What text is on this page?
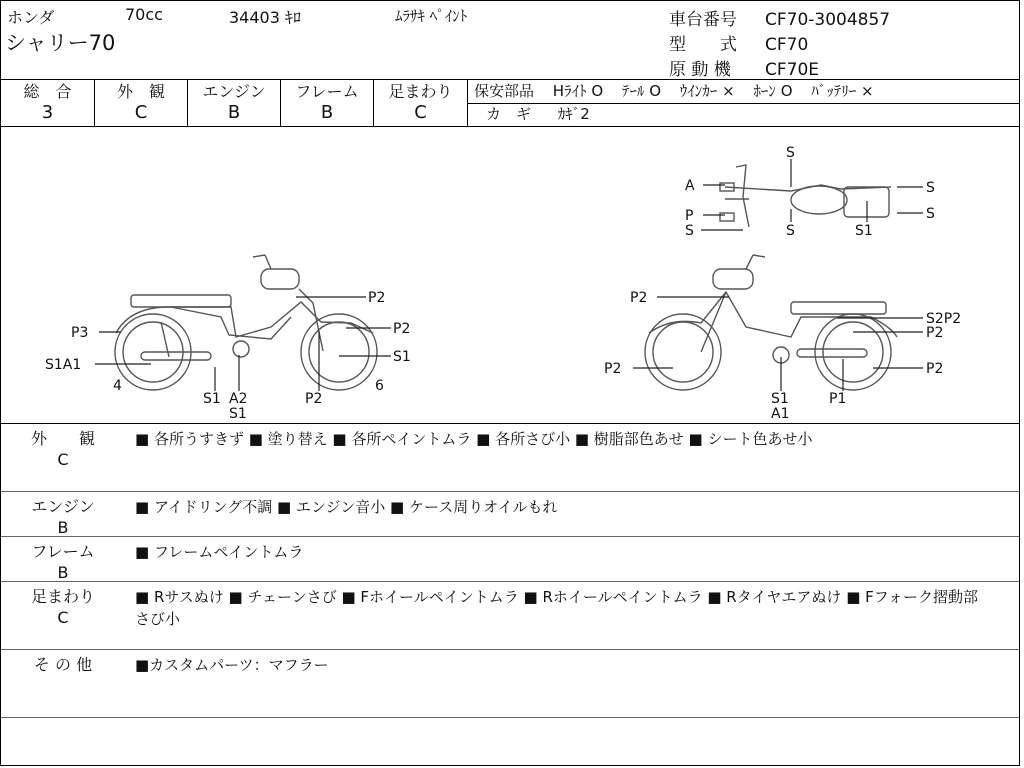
ホンダ	70cc	34403 ｷﾛ	ﾑﾗｻｷ ﾍﾟｲﾝﾄ
シャリー70
車台番号 CF70-3004857
型　　式 CF70
原 動 機 CF70E
総　合
3
外　観
C
エンジン
B
フレーム
B
足まわり
C
保安部品 Hﾗｲﾄ O ﾃｰﾙ O ｳｲﾝｶｰ × ﾎｰﾝ O ﾊﾞｯﾃﾘｰ ×
カ　ギ ｶｷﾞ2
P2
P2
S1
P3
S1A1
4
S1 A2
S1
P2
6
P2
S2P2
P2
P2	P2
S1
A1
P1
S
A	S
P	S
S	S	S1
外　　観
C
■ 各所うすきず ■ 塗り替え ■ 各所ペイントムラ ■ 各所さび小 ■ 樹脂部色あせ ■ シート色あせ小
エンジン
B
■ アイドリング不調 ■ エンジン音小 ■ ケース周りオイルもれ
フレーム
B
■ フレームペイントムラ
足まわり
C
■ Rサスぬけ ■ チェーンさび ■ Fホイールペイントムラ ■ Rホイールペイントムラ ■ Rタイヤエアぬけ ■ Fフォーク摺動部さび小
そ の 他	■カスタムパーツ：マフラー
